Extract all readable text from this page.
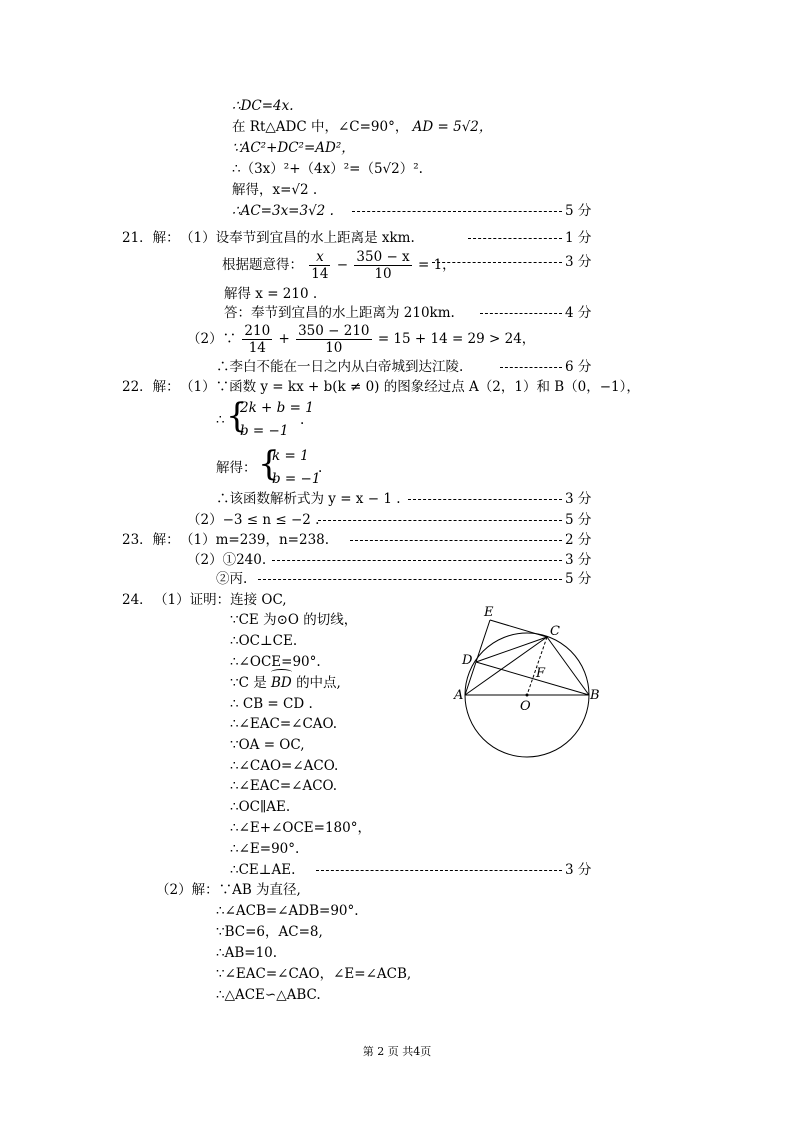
∴DC=4x.
在 Rt△ADC 中，∠C=90°， AD = 5√2，
∵AC²+DC²=AD²，
∴（3x）²+（4x）²=（5√2）².
解得，x=√2 .
∴AC=3x=3√2 .	5 分
21．解： （1）设奉节到宜昌的水上距离是 xkm.	1 分
根据题意得： $\frac{x}{14} - \frac{350 - x}{10} = 1$，	3 分
解得 x = 210 .
答：奉节到宜昌的水上距离为 210km.	4 分
（2）∵ $\frac{210}{14} + \frac{350 - 210}{10} = 15 + 14 = 29 > 24$，
∴李白不能在一日之内从白帝城到达江陵.	6 分
22．解： （1）∵函数 y = kx + b(k ≠ 0) 的图象经过点 A（2，1）和 B（0，−1），
∴ {
2k + b = 1
b = −1
.
解得： {
k = 1
b = −1
.
∴该函数解析式为 y = x − 1 .	3 分
（2）−3 ≤ n ≤ −2 .	5 分
23．解： （1）m=239，n=238.	2 分
（2）①240.	3 分
②丙.	5 分
24． （1）证明：连接 OC,
∵CE 为⊙O 的切线，
∴OC⊥CE.
∴∠OCE=90°.
∵C 是 BD 的中点,
∴ CB = CD .
∴∠EAC=∠CAO.
∵OA = OC,
∴∠CAO=∠ACO.
∴∠EAC=∠ACO.
∴OC∥AE.
∴∠E+∠OCE=180°，
∴∠E=90°.
∴CE⊥AE.	3 分
（2）解：∵AB 为直径,
∴∠ACB=∠ADB=90°.
∵BC=6，AC=8,
∴AB=10.
∵∠EAC=∠CAO，∠E=∠ACB,
∴△ACE∽△ABC.
E
C
D
F
A
O
B
第 2 页 共4页
